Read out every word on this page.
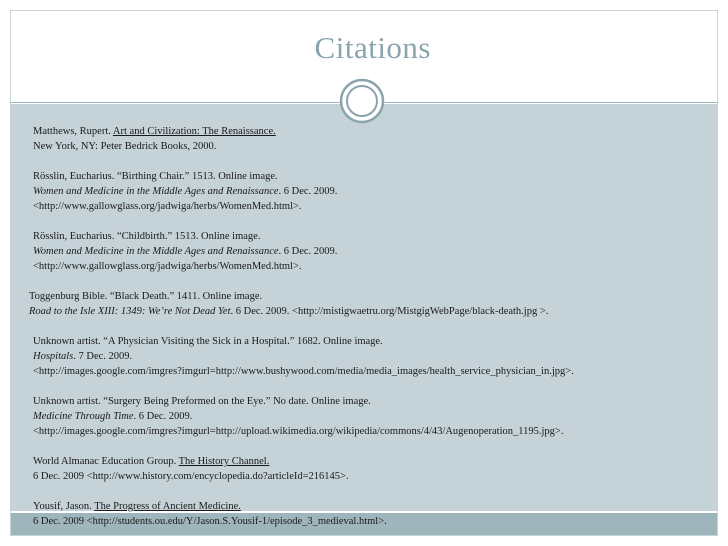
Citations
Matthews, Rupert. Art and Civilization: The Renaissance.
New York, NY: Peter Bedrick Books, 2000.
Rösslin, Eucharius. “Birthing Chair.” 1513. Online image.
Women and Medicine in the Middle Ages and Renaissance. 6 Dec. 2009.
<http://www.gallowglass.org/jadwiga/herbs/WomenMed.html>.
Rösslin, Eucharius. “Childbirth.” 1513. Online image.
Women and Medicine in the Middle Ages and Renaissance. 6 Dec. 2009.
<http://www.gallowglass.org/jadwiga/herbs/WomenMed.html>.
Toggenburg Bible. “Black Death.” 1411. Online image.
Road to the Isle XIII: 1349: We’re Not Dead Yet. 6 Dec. 2009. <http://mistigwaetru.org/MistgigWebPage/black-death.jpg >.
Unknown artist. “A Physician Visiting the Sick in a Hospital.” 1682. Online image.
Hospitals. 7 Dec. 2009.
<http://images.google.com/imgres?imgurl=http://www.bushywood.com/media/media_images/health_service_physician_in.jpg>.
Unknown artist. “Surgery Being Preformed on the Eye.” No date. Online image.
Medicine Through Time. 6 Dec. 2009.
<http://images.google.com/imgres?imgurl=http://upload.wikimedia.org/wikipedia/commons/4/43/Augenoperation_1195.jpg>.
World Almanac Education Group. The History Channel.
6 Dec. 2009 <http://www.history.com/encyclopedia.do?articleId=216145>.
Yousif, Jason. The Progress of Ancient Medicine.
6 Dec. 2009 <http://students.ou.edu/Y/Jason.S.Yousif-1/episode_3_medieval.html>.
